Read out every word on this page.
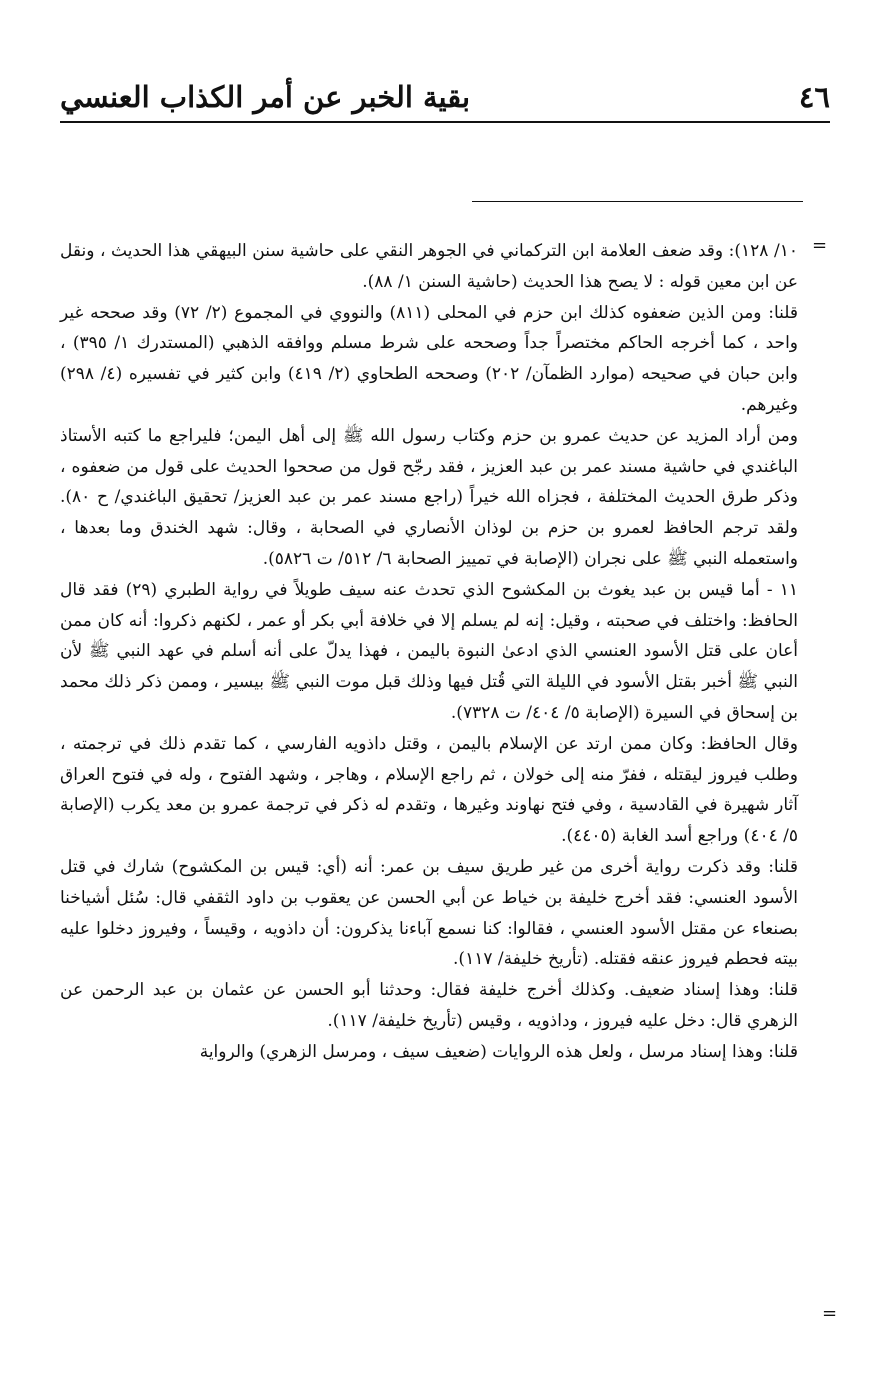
٤٦
بقية الخبر عن أمر الكذاب العنسي
=

١٠/ ١٢٨): وقد ضعف العلامة ابن التركماني في الجوهر النقي على حاشية سنن البيهقي هذا الحديث ، ونقل عن ابن معين قوله : لا يصح هذا الحديث (حاشية السنن ١/ ٨٨).

قلنا: ومن الذين ضعفوه كذلك ابن حزم في المحلى (٨١١) والنووي في المجموع (٢/ ٧٢) وقد صححه غير واحد ، كما أخرجه الحاكم مختصراً جداً وصححه على شرط مسلم ووافقه الذهبي (المستدرك ١/ ٣٩٥) ، وابن حبان في صحيحه (موارد الظمآن/ ٢٠٢) وصححه الطحاوي (٢/ ٤١٩) وابن كثير في تفسيره (٤/ ٢٩٨) وغيرهم.

ومن أراد المزيد عن حديث عمرو بن حزم وكتاب رسول الله ﷺ إلى أهل اليمن؛ فليراجع ما كتبه الأستاذ الباغندي في حاشية مسند عمر بن عبد العزيز ، فقد رجّح قول من صححوا الحديث على قول من ضعفوه ، وذكر طرق الحديث المختلفة ، فجزاه الله خيراً (راجع مسند عمر بن عبد العزيز/ تحقيق الباغندي/ ح ٨٠). ولقد ترجم الحافظ لعمرو بن حزم بن لوذان الأنصاري في الصحابة ، وقال: شهد الخندق وما بعدها ، واستعمله النبي ﷺ على نجران (الإصابة في تمييز الصحابة ٦/ ٥١٢/ ت ٥٨٢٦).

١١ - أما قيس بن عبد يغوث بن المكشوح الذي تحدث عنه سيف طويلاً في رواية الطبري (٢٩) فقد قال الحافظ: واختلف في صحبته ، وقيل: إنه لم يسلم إلا في خلافة أبي بكر أو عمر ، لكنهم ذكروا: أنه كان ممن أعان على قتل الأسود العنسي الذي ادعىٰ النبوة باليمن ، فهذا يدلّ على أنه أسلم في عهد النبي ﷺ لأن النبي ﷺ أخبر بقتل الأسود في الليلة التي قُتل فيها وذلك قبل موت النبي ﷺ بيسير ، وممن ذكر ذلك محمد بن إسحاق في السيرة (الإصابة ٥/ ٤٠٤/ ت ٧٣٢٨).

وقال الحافظ: وكان ممن ارتد عن الإسلام باليمن ، وقتل داذويه الفارسي ، كما تقدم ذلك في ترجمته ، وطلب فيروز ليقتله ، ففرّ منه إلى خولان ، ثم راجع الإسلام ، وهاجر ، وشهد الفتوح ، وله في فتوح العراق آثار شهيرة في القادسية ، وفي فتح نهاوند وغيرها ، وتقدم له ذكر في ترجمة عمرو بن معد يكرب (الإصابة ٥/ ٤٠٤) وراجع أسد الغابة (٤٤٠٥).

قلنا: وقد ذكرت رواية أخرى من غير طريق سيف بن عمر: أنه (أي: قيس بن المكشوح) شارك في قتل الأسود العنسي: فقد أخرج خليفة بن خياط عن أبي الحسن عن يعقوب بن داود الثقفي قال: سُئل أشياخنا بصنعاء عن مقتل الأسود العنسي ، فقالوا: كنا نسمع آباءنا يذكرون: أن داذويه ، وقيساً ، وفيروز دخلوا عليه بيته فحطم فيروز عنقه فقتله. (تأريخ خليفة/ ١١٧).

قلنا: وهذا إسناد ضعيف. وكذلك أخرج خليفة فقال: وحدثنا أبو الحسن عن عثمان بن عبد الرحمن عن الزهري قال: دخل عليه فيروز ، وداذويه ، وقيس (تأريخ خليفة/ ١١٧).

قلنا: وهذا إسناد مرسل ، ولعل هذه الروايات (ضعيف سيف ، ومرسل الزهري) والرواية

=
